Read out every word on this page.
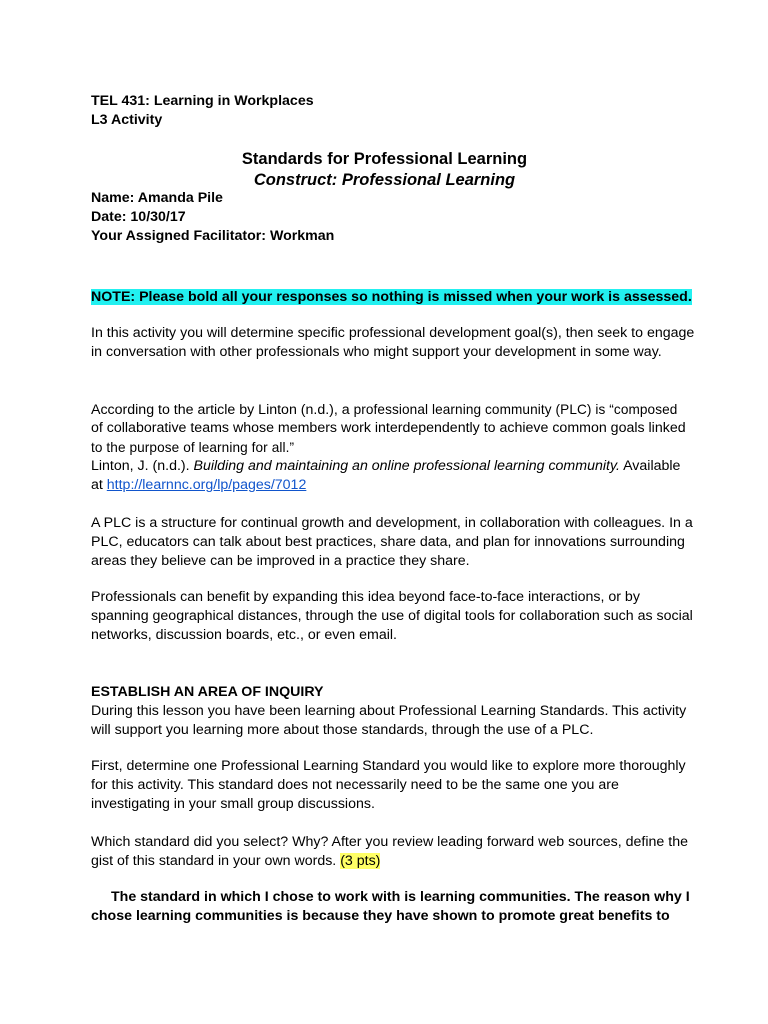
TEL 431: Learning in Workplaces
L3 Activity
Standards for Professional Learning
Construct: Professional Learning
Name: Amanda Pile
Date: 10/30/17
Your Assigned Facilitator: Workman
NOTE: Please bold all your responses so nothing is missed when your work is assessed.
In this activity you will determine specific professional development goal(s), then seek to engage
in conversation with other professionals who might support your development in some way.
According to the article by Linton (n.d.), a professional learning community (PLC) is “composed
of collaborative teams whose members work interdependently to achieve common goals linked
to the purpose of learning for all.”
Linton, J. (n.d.). Building and maintaining an online professional learning community. Available
at http://learnnc.org/lp/pages/7012
A PLC is a structure for continual growth and development, in collaboration with colleagues. In a
PLC, educators can talk about best practices, share data, and plan for innovations surrounding
areas they believe can be improved in a practice they share.
Professionals can benefit by expanding this idea beyond face-to-face interactions, or by
spanning geographical distances, through the use of digital tools for collaboration such as social
networks, discussion boards, etc., or even email.
ESTABLISH AN AREA OF INQUIRY
During this lesson you have been learning about Professional Learning Standards. This activity
will support you learning more about those standards, through the use of a PLC.
First, determine one Professional Learning Standard you would like to explore more thoroughly
for this activity. This standard does not necessarily need to be the same one you are
investigating in your small group discussions.
Which standard did you select? Why? After you review leading forward web sources, define the
gist of this standard in your own words. (3 pts)
The standard in which I chose to work with is learning communities. The reason why I
chose learning communities is because they have shown to promote great benefits to
